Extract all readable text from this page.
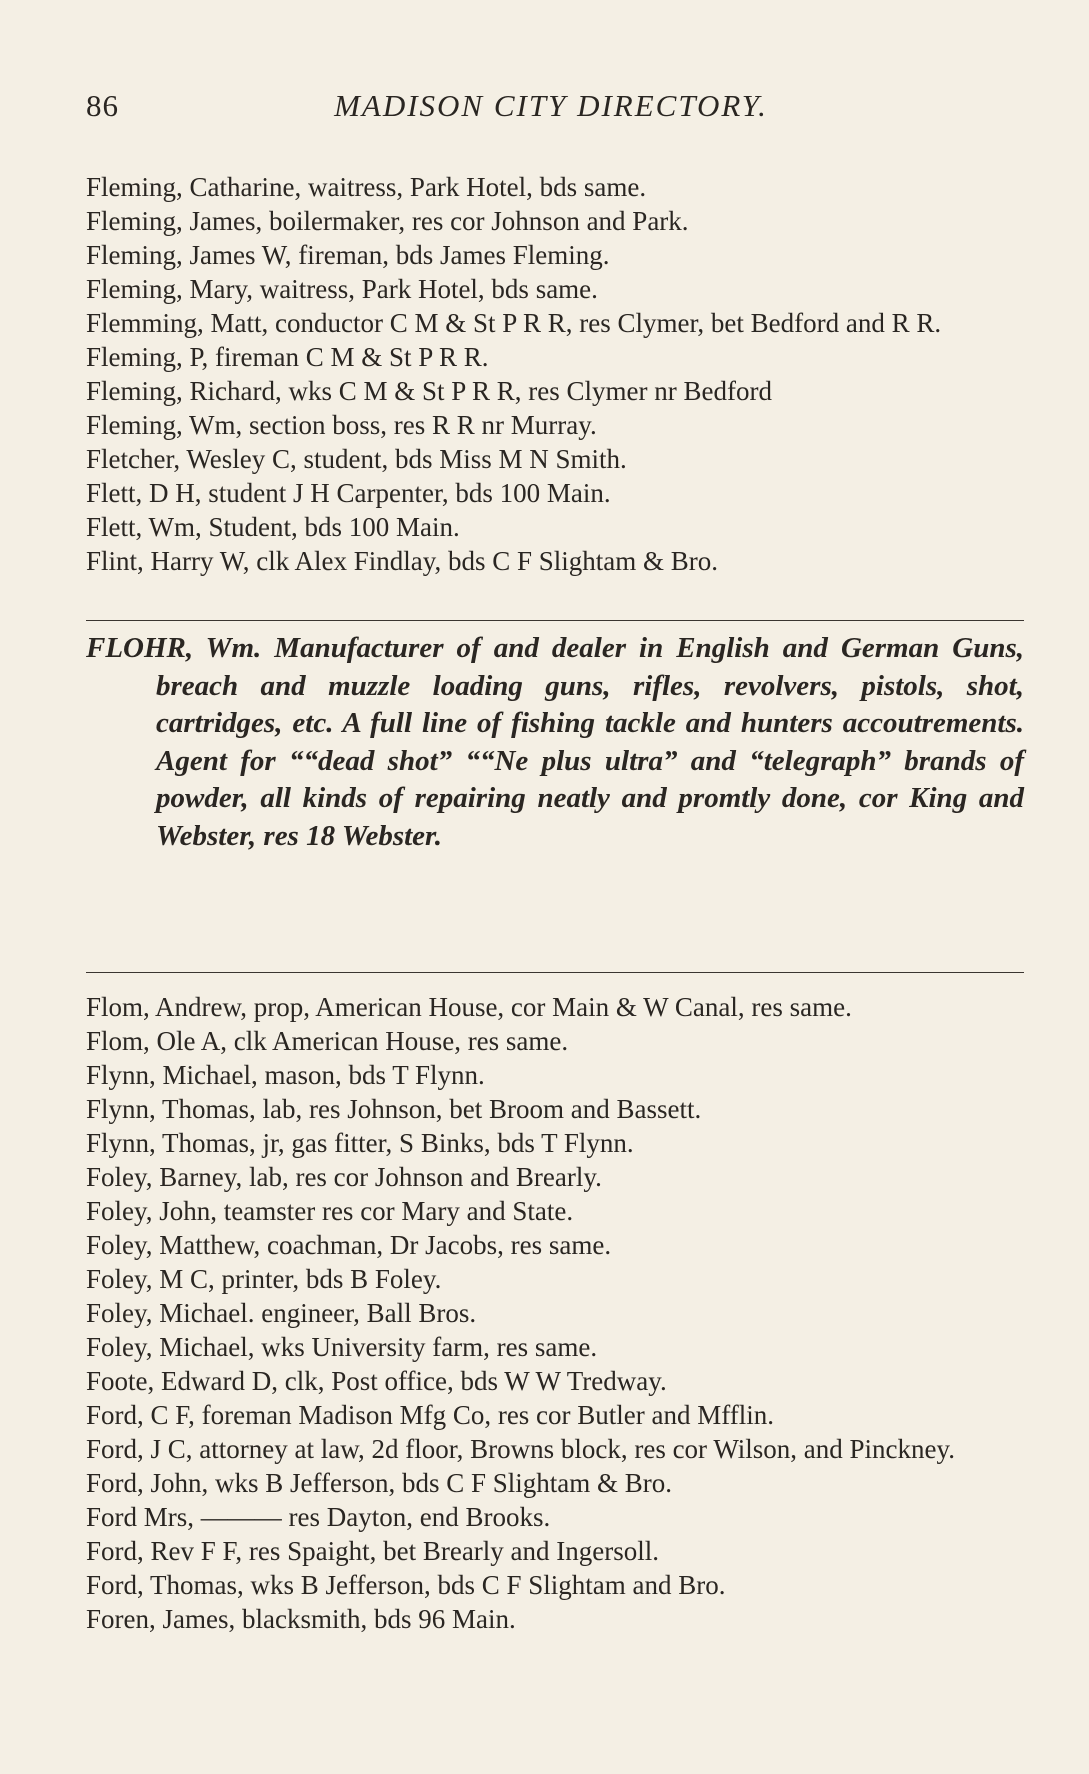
86	MADISON CITY DIRECTORY.
Fleming, Catharine, waitress, Park Hotel, bds same.
Fleming, James, boilermaker, res cor Johnson and Park.
Fleming, James W, fireman, bds James Fleming.
Fleming, Mary, waitress, Park Hotel, bds same.
Flemming, Matt, conductor C M & St P R R, res Clymer, bet Bedford and R R.
Fleming, P, fireman C M & St P R R.
Fleming, Richard, wks C M & St P R R, res Clymer nr Bedford
Fleming, Wm, section boss, res R R nr Murray.
Fletcher, Wesley C, student, bds Miss M N Smith.
Flett, D H, student J H Carpenter, bds 100 Main.
Flett, Wm, Student, bds 100 Main.
Flint, Harry W, clk Alex Findlay, bds C F Slightam & Bro.
FLOHR, Wm. Manufacturer of and dealer in English and German Guns, breach and muzzle loading guns, rifles, revolvers, pistols, shot, cartridges, etc. A full line of fishing tackle and hunters accoutrements. Agent for ““dead shot” ““Ne plus ultra” and “telegraph” brands of powder, all kinds of repairing neatly and promtly done, cor King and Webster, res 18 Webster.
Flom, Andrew, prop, American House, cor Main & W Canal, res same.
Flom, Ole A, clk American House, res same.
Flynn, Michael, mason, bds T Flynn.
Flynn, Thomas, lab, res Johnson, bet Broom and Bassett.
Flynn, Thomas, jr, gas fitter, S Binks, bds T Flynn.
Foley, Barney, lab, res cor Johnson and Brearly.
Foley, John, teamster res cor Mary and State.
Foley, Matthew, coachman, Dr Jacobs, res same.
Foley, M C, printer, bds B Foley.
Foley, Michael. engineer, Ball Bros.
Foley, Michael, wks University farm, res same.
Foote, Edward D, clk, Post office, bds W W Tredway.
Ford, C F, foreman Madison Mfg Co, res cor Butler and Mfflin.
Ford, J C, attorney at law, 2d floor, Browns block, res cor Wilson, and Pinckney.
Ford, John, wks B Jefferson, bds C F Slightam & Bro.
Ford Mrs, ——— res Dayton, end Brooks.
Ford, Rev F F, res Spaight, bet Brearly and Ingersoll.
Ford, Thomas, wks B Jefferson, bds C F Slightam and Bro.
Foren, James, blacksmith, bds 96 Main.
